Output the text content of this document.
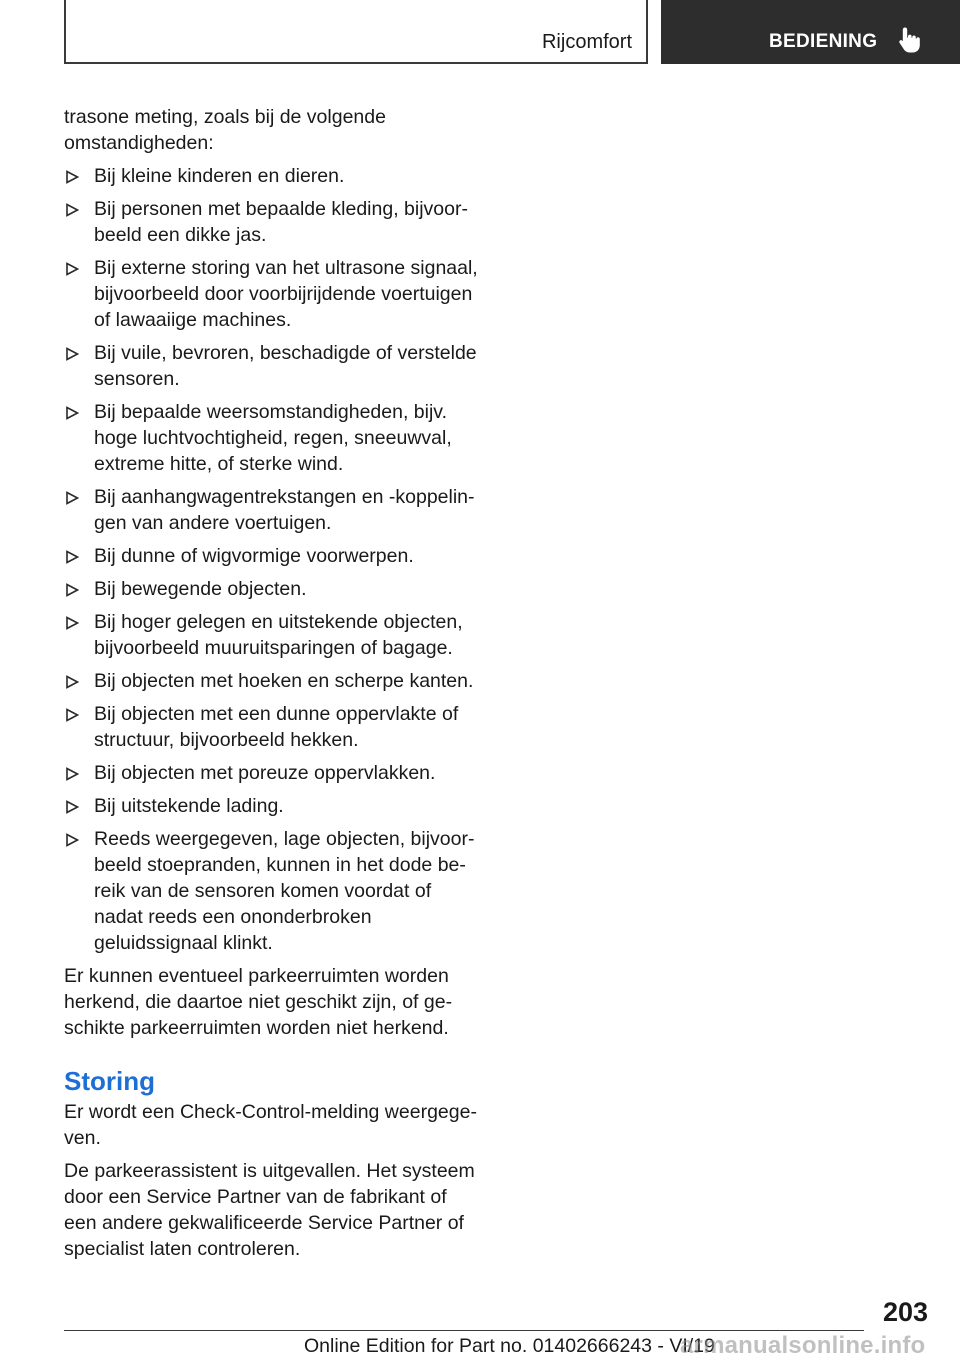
Rijcomfort	BEDIENING

trasone meting, zoals bij de volgende omstandigheden:

Bij kleine kinderen en dieren.
Bij personen met bepaalde kleding, bijvoorbeeld een dikke jas.
Bij externe storing van het ultrasone signaal, bijvoorbeeld door voorbijrijdende voertuigen of lawaaiige machines.
Bij vuile, bevroren, beschadigde of verstelde sensoren.
Bij bepaalde weersomstandigheden, bijv. hoge luchtvochtigheid, regen, sneeuwval, extreme hitte, of sterke wind.
Bij aanhangwagentrekstangen en -koppelingen van andere voertuigen.
Bij dunne of wigvormige voorwerpen.
Bij bewegende objecten.
Bij hoger gelegen en uitstekende objecten, bijvoorbeeld muuruitsparingen of bagage.
Bij objecten met hoeken en scherpe kanten.
Bij objecten met een dunne oppervlakte of structuur, bijvoorbeeld hekken.
Bij objecten met poreuze oppervlakken.
Bij uitstekende lading.
Reeds weergegeven, lage objecten, bijvoorbeeld stoepranden, kunnen in het dode bereik van de sensoren komen voordat of nadat reeds een ononderbroken geluidssignaal klinkt.

Er kunnen eventueel parkeerruimten worden herkend, die daartoe niet geschikt zijn, of geschikte parkeerruimten worden niet herkend.

Storing

Er wordt een Check-Control-melding weergegeven.

De parkeerassistent is uitgevallen. Het systeem door een Service Partner van de fabrikant of een andere gekwalificeerde Service Partner of specialist laten controleren.

203
Online Edition for Part no. 01402666243 - VI/19
armanualsonline.info
